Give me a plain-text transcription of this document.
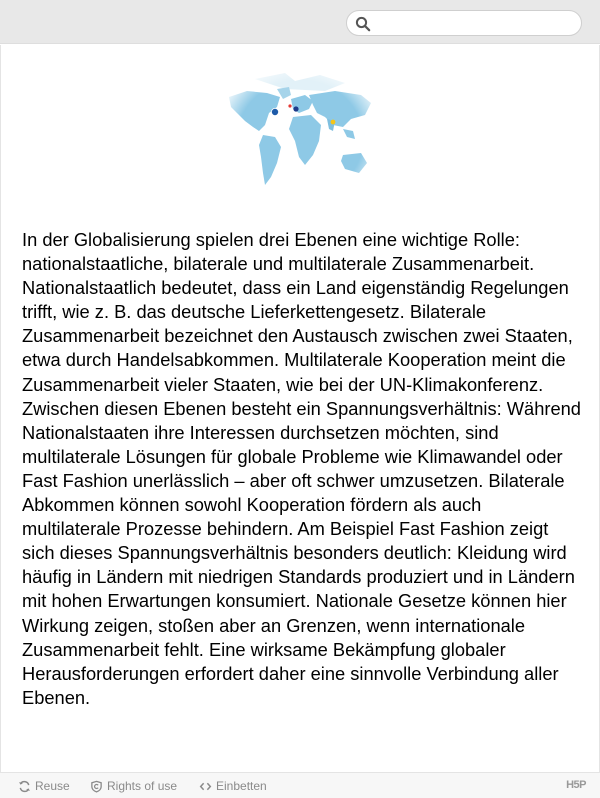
In der Globalisierung spielen drei Ebenen eine wichtige Rolle: nationalstaatliche, bilaterale und multilaterale Zusammenarbeit. Nationalstaatlich bedeutet, dass ein Land eigenständig Regelungen trifft, wie z. B. das deutsche Lieferkettengesetz. Bilaterale Zusammenarbeit bezeichnet den Austausch zwischen zwei Staaten, etwa durch Handelsabkommen. Multilaterale Kooperation meint die Zusammenarbeit vieler Staaten, wie bei der UN-Klimakonferenz. Zwischen diesen Ebenen besteht ein Spannungsverhältnis: Während Nationalstaaten ihre Interessen durchsetzen möchten, sind multilaterale Lösungen für globale Probleme wie Klimawandel oder Fast Fashion unerlässlich – aber oft schwer umzusetzen. Bilaterale Abkommen können sowohl Kooperation fördern als auch multilaterale Prozesse behindern. Am Beispiel Fast Fashion zeigt sich dieses Spannungsverhältnis besonders deutlich: Kleidung wird häufig in Ländern mit niedrigen Standards produziert und in Ländern mit hohen Erwartungen konsumiert. Nationale Gesetze können hier Wirkung zeigen, stoßen aber an Grenzen, wenn internationale Zusammenarbeit fehlt. Eine wirksame Bekämpfung globaler Herausforderungen erfordert daher eine sinnvolle Verbindung aller Ebenen.

Reuse	Rights of use	Einbetten	H5P
